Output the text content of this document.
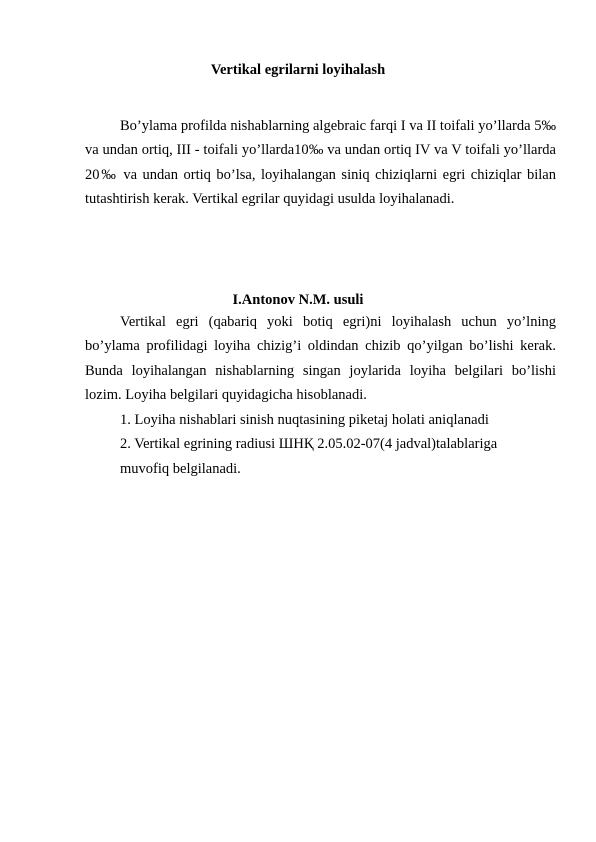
Vertikal egrilarni loyihalash

Bo’ylama profilda nishablarning algebraic farqi I va II toifali yo’llarda 5‰ va undan ortiq, III - toifali yo’llarda10‰ va undan ortiq IV va V toifali yo’llarda 20‰ va undan ortiq bo’lsa, loyihalangan siniq chiziqlarni egri chiziqlar bilan tutashtirish kerak. Vertikal egrilar quyidagi usulda loyihalanadi.

I.Antonov N.M. usuli

Vertikal egri (qabariq yoki botiq egri)ni loyihalash uchun yo’lning bo’ylama profilidagi loyiha chizig’i oldindan chizib qo’yilgan bo’lishi kerak. Bunda loyihalangan nishablarning singan joylarida loyiha belgilari bo’lishi lozim. Loyiha belgilari quyidagicha hisoblanadi.

1. Loyiha nishablari sinish nuqtasining piketaj holati aniqlanadi
2. Vertikal egrining radiusi ШНҚ 2.05.02-07(4 jadval)talablariga
muvofiq belgilanadi.
